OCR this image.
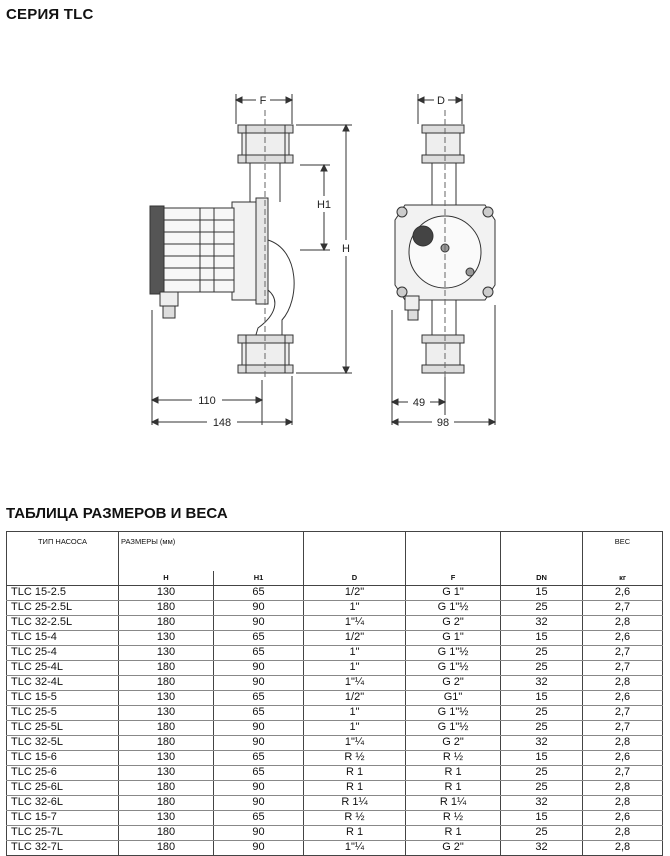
СЕРИЯ TLC
F	D
H1
H
110
148
49
98
ТАБЛИЦА РАЗМЕРОВ И ВЕСА
ТИП НАСОСА	РАЗМЕРЫ (мм)					ВЕС
	H	H1	D	F	DN	кг
TLC 15-2.5	130	65	1/2"	G 1"	15	2,6
TLC 25-2.5L	180	90	1"	G 1"½	25	2,7
TLC 32-2.5L	180	90	1"¼	G 2"	32	2,8
TLC 15-4	130	65	1/2"	G 1"	15	2,6
TLC 25-4	130	65	1"	G 1"½	25	2,7
TLC 25-4L	180	90	1"	G 1"½	25	2,7
TLC 32-4L	180	90	1"¼	G 2"	32	2,8
TLC 15-5	130	65	1/2"	G1"	15	2,6
TLC 25-5	130	65	1"	G 1"½	25	2,7
TLC 25-5L	180	90	1"	G 1"½	25	2,7
TLC 32-5L	180	90	1"¼	G 2"	32	2,8
TLC 15-6	130	65	R ½	R ½	15	2,6
TLC 25-6	130	65	R 1	R 1	25	2,7
TLC 25-6L	180	90	R 1	R 1	25	2,8
TLC 32-6L	180	90	R 1¼	R 1¼	32	2,8
TLC 15-7	130	65	R ½	R ½	15	2,6
TLC 25-7L	180	90	R 1	R 1	25	2,8
TLC 32-7L	180	90	1"¼	G 2"	32	2,8
